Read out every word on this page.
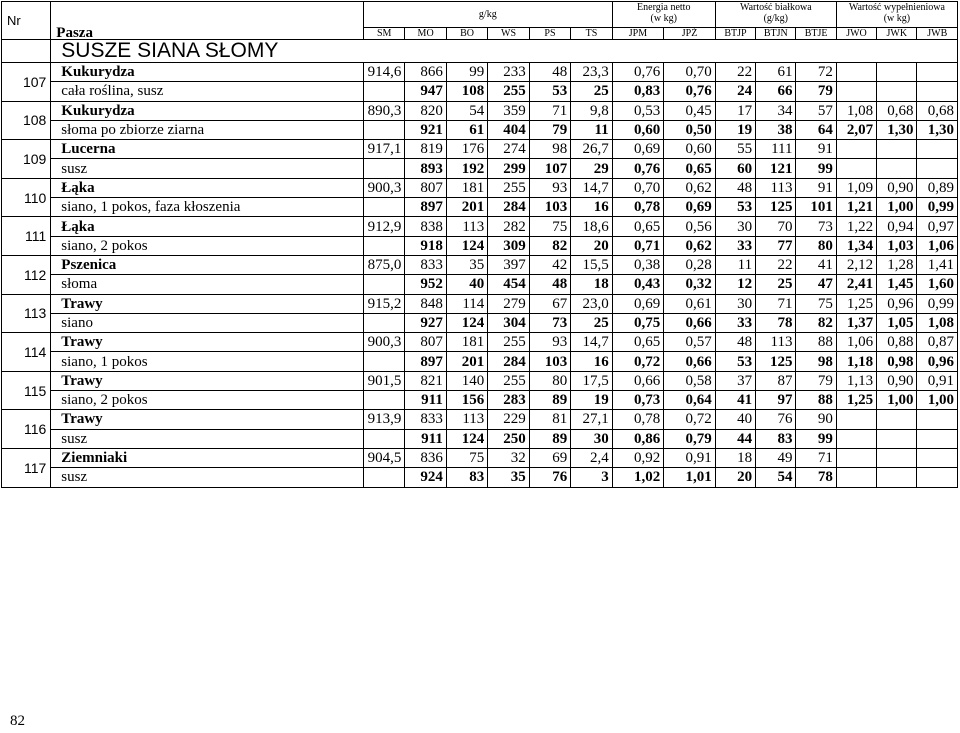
Nr	Pasza	g/kg						Energia netto
(w kg)		Wartość białkowa
(g/kg)			Wartość wypełnieniowa
(w kg)		
		SM	MO	BO	WS	PS	TS	JPM	JPŻ	BTJP	BTJN	BTJE	JWO	JWK	JWB
	SUSZE SIANA SŁOMY														
107	Kukurydza	914,6	866	99	233	48	23,3	0,76	0,70	22	61	72			
	cała roślina, susz		947	108	255	53	25	0,83	0,76	24	66	79			
108	Kukurydza	890,3	820	54	359	71	9,8	0,53	0,45	17	34	57	1,08	0,68	0,68
	słoma po zbiorze ziarna		921	61	404	79	11	0,60	0,50	19	38	64	2,07	1,30	1,30
109	Lucerna	917,1	819	176	274	98	26,7	0,69	0,60	55	111	91			
	susz		893	192	299	107	29	0,76	0,65	60	121	99			
110	Łąka	900,3	807	181	255	93	14,7	0,70	0,62	48	113	91	1,09	0,90	0,89
	siano, 1 pokos, faza kłoszenia		897	201	284	103	16	0,78	0,69	53	125	101	1,21	1,00	0,99
111	Łąka	912,9	838	113	282	75	18,6	0,65	0,56	30	70	73	1,22	0,94	0,97
	siano, 2 pokos		918	124	309	82	20	0,71	0,62	33	77	80	1,34	1,03	1,06
112	Pszenica	875,0	833	35	397	42	15,5	0,38	0,28	11	22	41	2,12	1,28	1,41
	słoma		952	40	454	48	18	0,43	0,32	12	25	47	2,41	1,45	1,60
113	Trawy	915,2	848	114	279	67	23,0	0,69	0,61	30	71	75	1,25	0,96	0,99
	siano		927	124	304	73	25	0,75	0,66	33	78	82	1,37	1,05	1,08
114	Trawy	900,3	807	181	255	93	14,7	0,65	0,57	48	113	88	1,06	0,88	0,87
	siano, 1 pokos		897	201	284	103	16	0,72	0,66	53	125	98	1,18	0,98	0,96
115	Trawy	901,5	821	140	255	80	17,5	0,66	0,58	37	87	79	1,13	0,90	0,91
	siano, 2 pokos		911	156	283	89	19	0,73	0,64	41	97	88	1,25	1,00	1,00
116	Trawy	913,9	833	113	229	81	27,1	0,78	0,72	40	76	90			
	susz		911	124	250	89	30	0,86	0,79	44	83	99			
117	Ziemniaki	904,5	836	75	32	69	2,4	0,92	0,91	18	49	71			
	susz		924	83	35	76	3	1,02	1,01	20	54	78			
82
